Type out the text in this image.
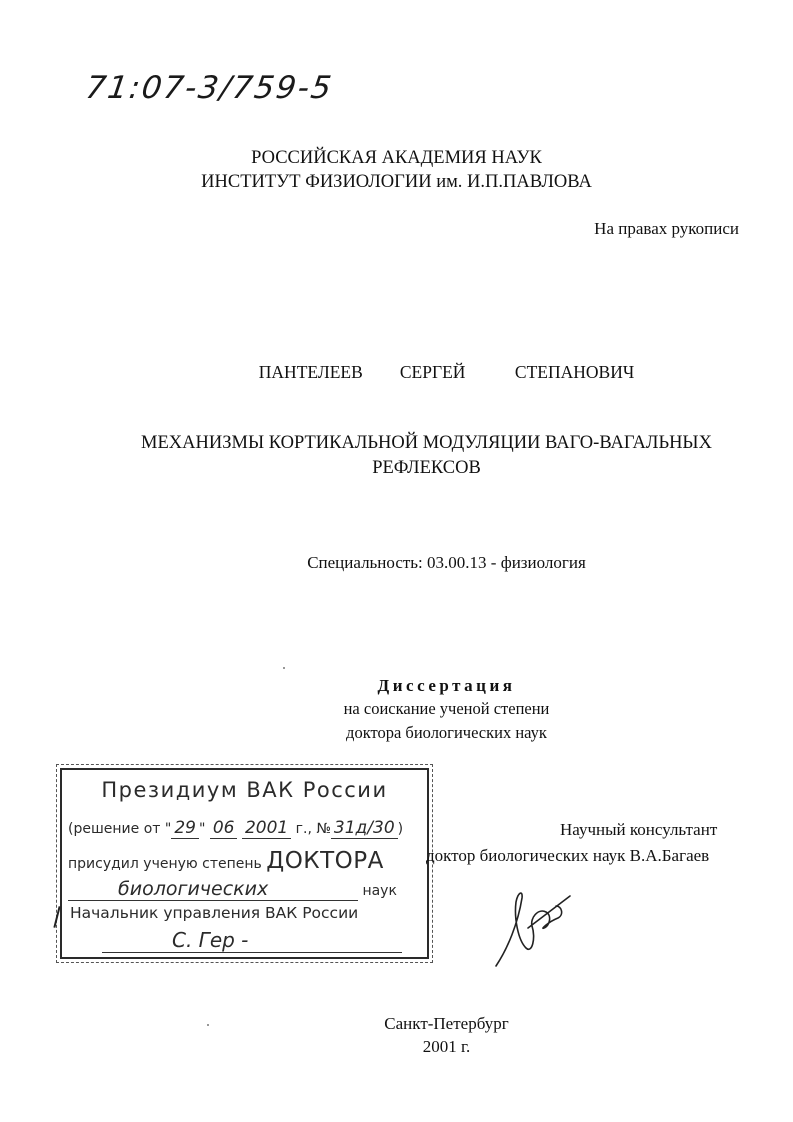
71:07-3/759-5
РОССИЙСКАЯ АКАДЕМИЯ НАУК
ИНСТИТУТ ФИЗИОЛОГИИ им. И.П.ПАВЛОВА
На правах рукописи
ПАНТЕЛЕЕВ   СЕРГЕЙ    СТЕПАНОВИЧ
МЕХАНИЗМЫ КОРТИКАЛЬНОЙ МОДУЛЯЦИИ ВАГО-ВАГАЛЬНЫХ
РЕФЛЕКСОВ
Специальность: 03.00.13 - физиология
Диссертация
на соискание ученой степени
доктора биологических наук
Президиум ВАК России
(решение от " 29 " 06 2001 г., № 31д/30 )
присудил ученую степень ДОКТОРА
биологических	наук
Начальник управления ВАК России
С. Гер -
Научный консультант
доктор биологических наук В.А.Багаев
Санкт-Петербург
2001 г.
